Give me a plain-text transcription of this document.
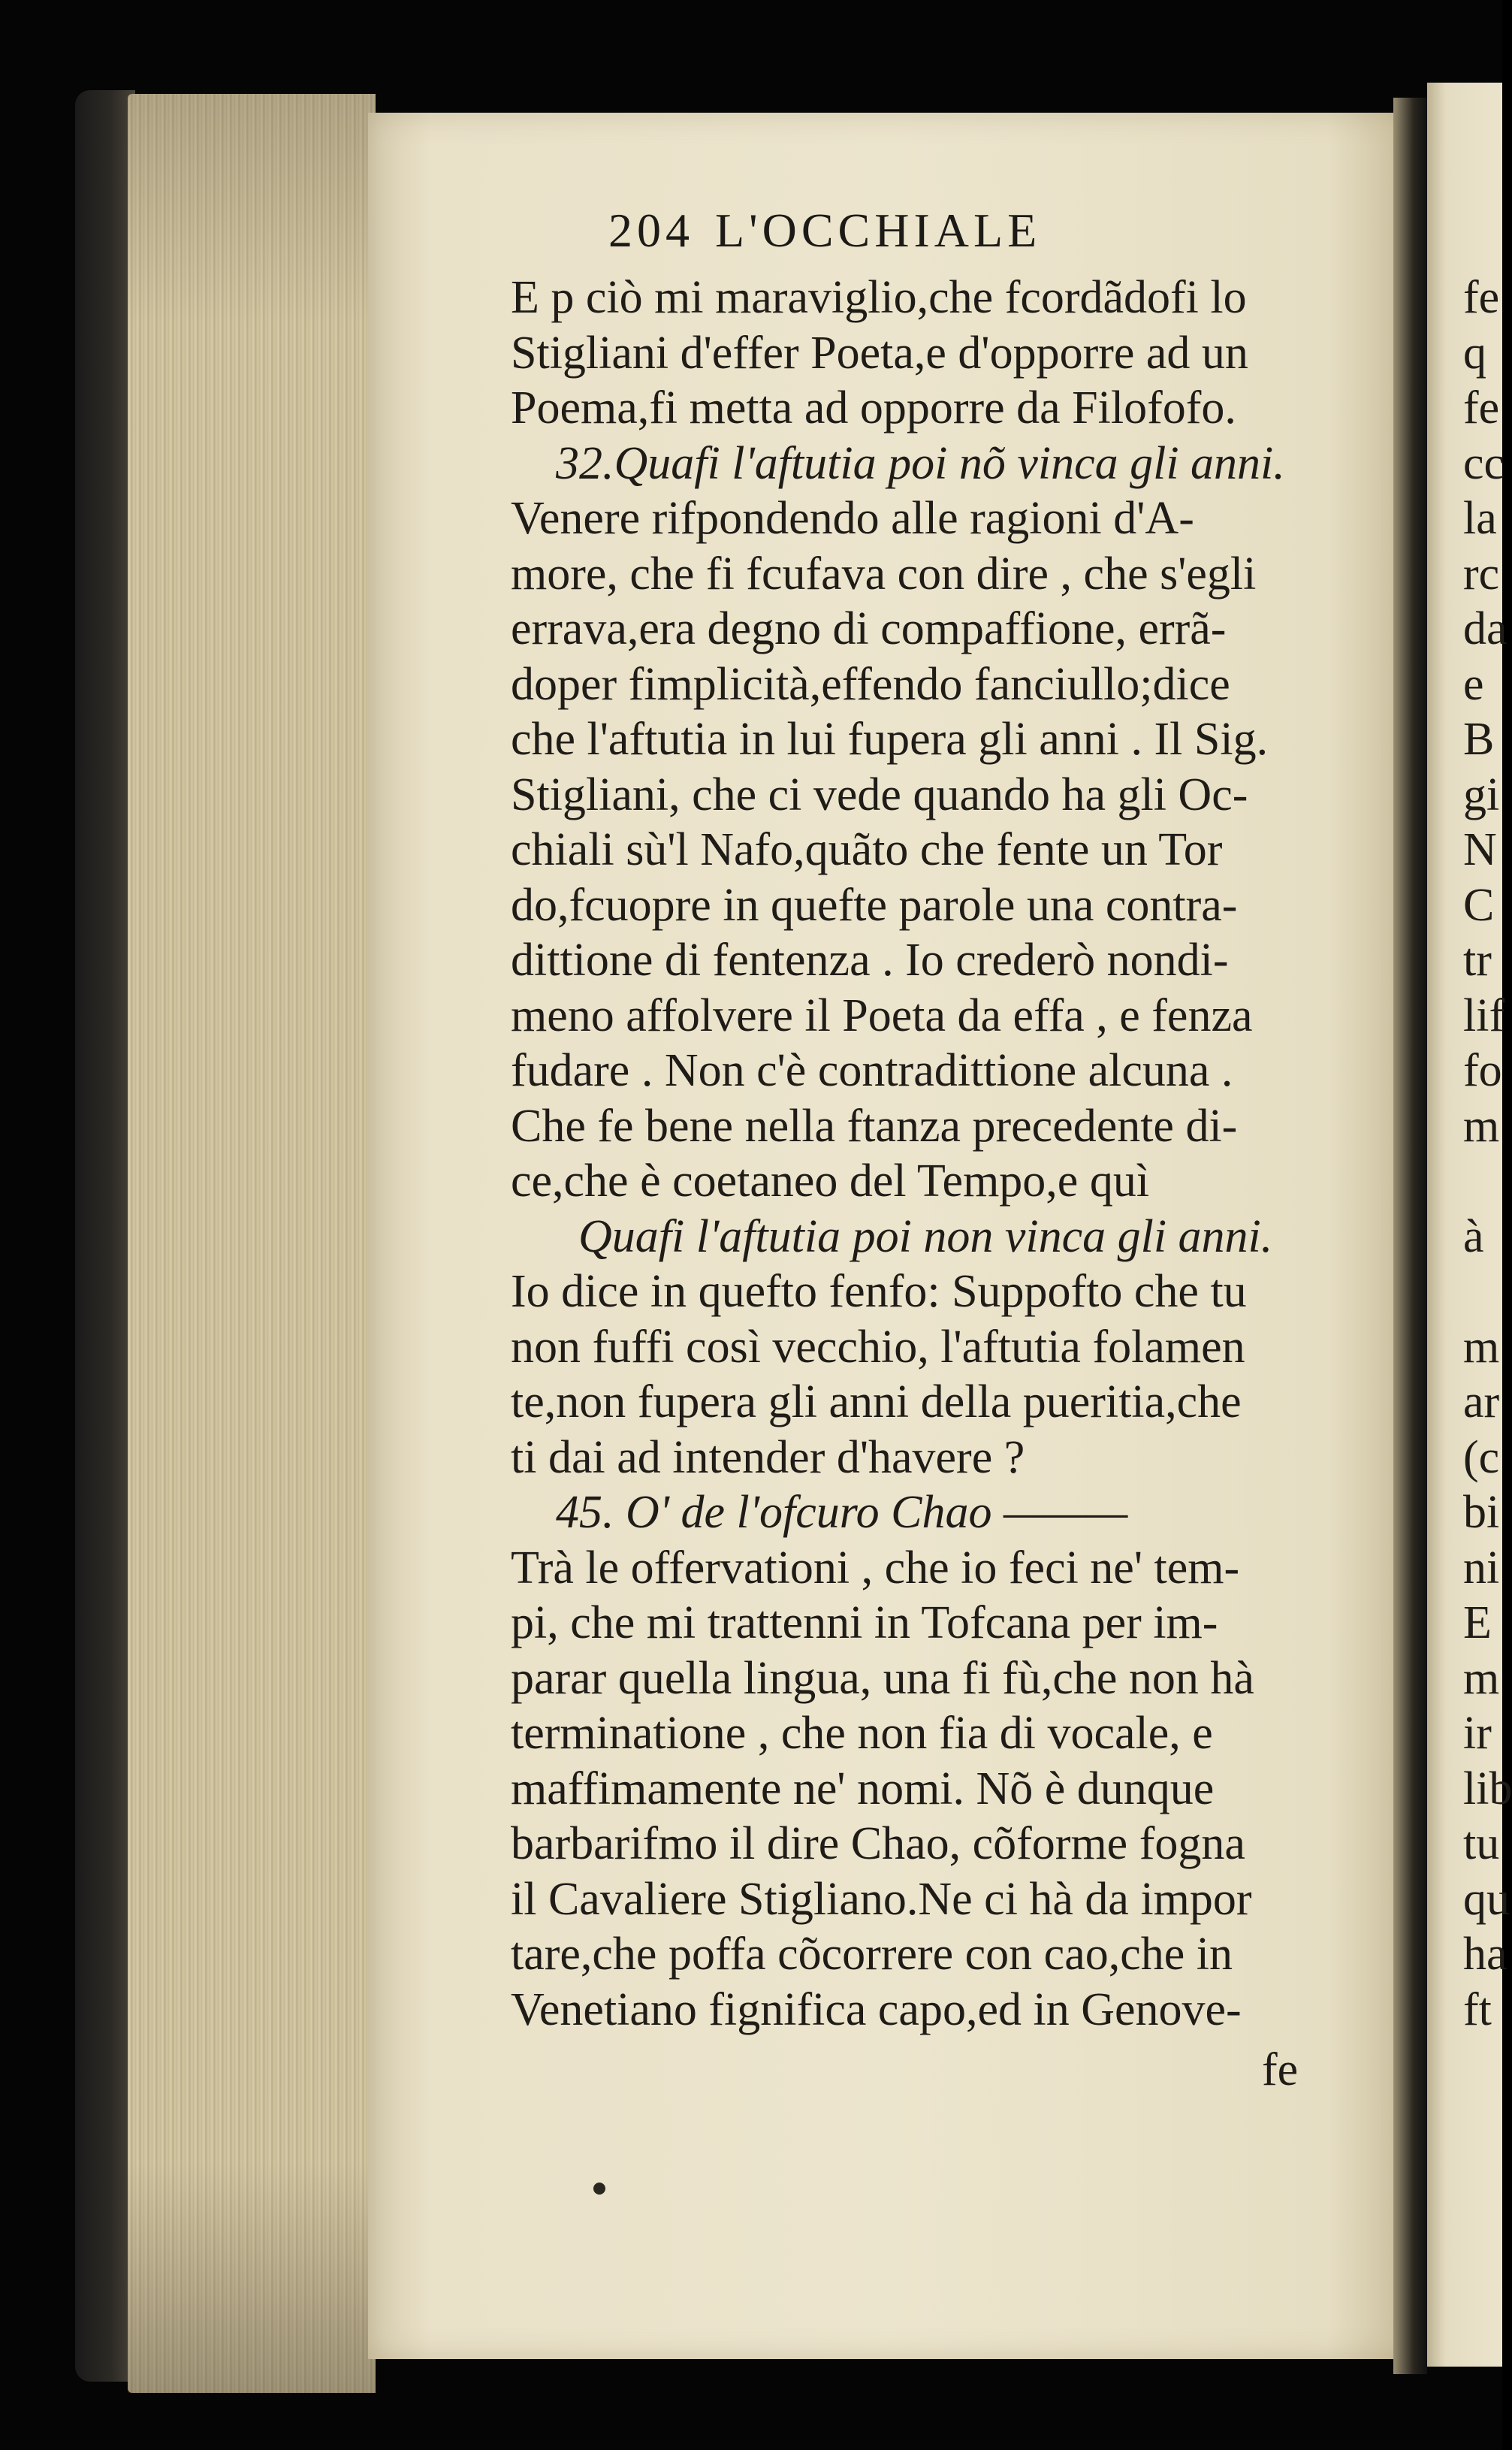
204 L'OCCHIALE
E p ciò mi maraviglio,che fcordãdofi lo
Stigliani d'effer Poeta,e d'opporre ad un
Poema,fi metta ad opporre da Filofofo.
32.Quafi l'aftutia poi nõ vinca gli anni.
Venere rifpondendo alle ragioni d'A-
more, che fi fcufava con dire , che s'egli
errava,era degno di compaffione, errã-
doper fimplicità,effendo fanciullo;dice
che l'aftutia in lui fupera gli anni . Il Sig.
Stigliani, che ci vede quando ha gli Oc-
chiali sù'l Nafo,quãto che fente un Tor
do,fcuopre in quefte parole una contra-
dittione di fentenza . Io crederò nondi-
meno affolvere il Poeta da effa , e fenza
fudare . Non c'è contradittione alcuna .
Che fe bene nella ftanza precedente di-
ce,che è coetaneo del Tempo,e quì
Quafi l'aftutia poi non vinca gli anni.
Io dice in quefto fenfo: Suppofto che tu
non fuffi così vecchio, l'aftutia folamen
te,non fupera gli anni della pueritia,che
ti dai ad intender d'havere ?
45. O' de l'ofcuro Chao ———
Trà le offervationi , che io feci ne' tem-
pi, che mi trattenni in Tofcana per im-
parar quella lingua, una fi fù,che non hà
terminatione , che non fia di vocale, e
maffimamente ne' nomi. Nõ è dunque
barbarifmo il dire Chao, cõforme fogna
il Cavaliere Stigliano.Ne ci hà da impor
tare,che poffa cõcorrere con cao,che in
Venetiano fignifica capo,ed in Genove-
fe
fe
q
fe
cc
la
rc
da
e
B
gi
N
C
tr
lif
fo
m
à
m
ar
(c
bi
ni
E
m
ir
lib
tu
qu
ha
ft
